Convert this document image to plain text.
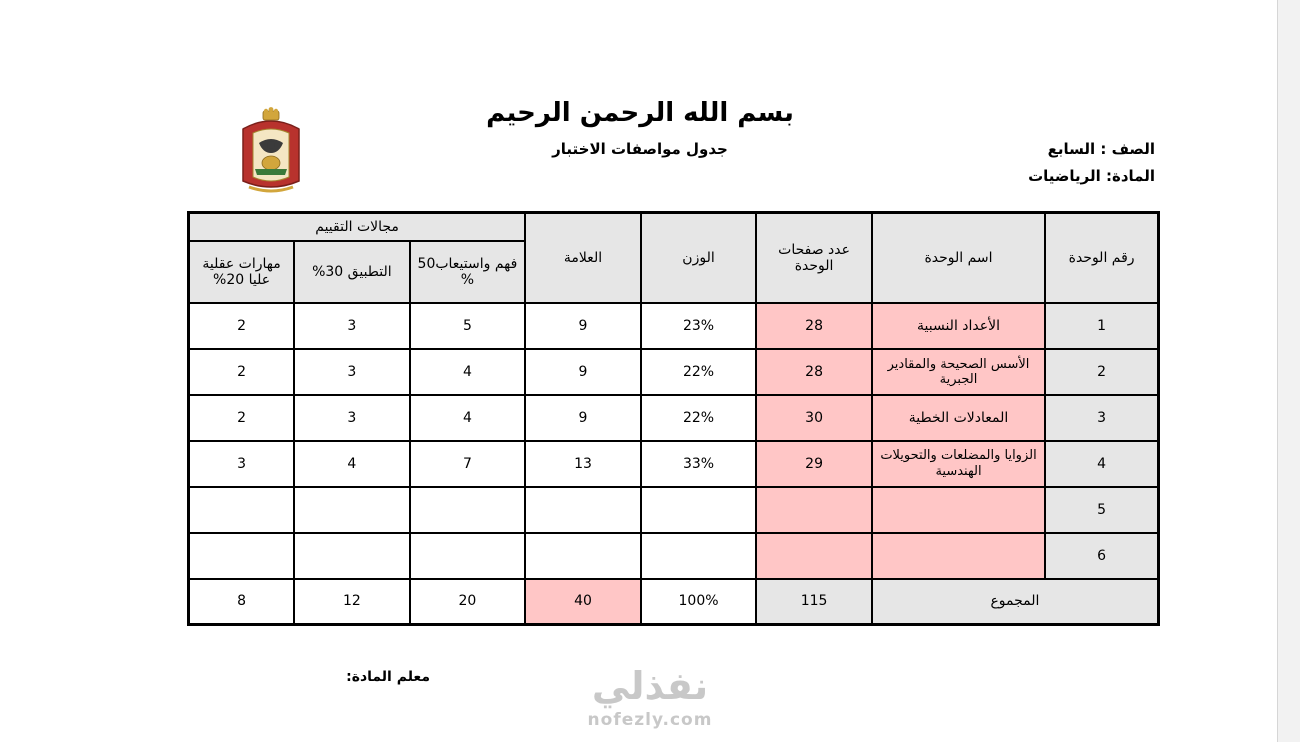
بسم الله الرحمن الرحيم
جدول مواصفات الاختبار	الصف : السابع
المادة: الرياضيات
رقم الوحدة	اسم الوحدة	عدد صفحات الوحدة	الوزن	العلامة	مجالات التقييم		
					فهم واستيعاب50 %	التطبيق 30%	مهارات عقلية عليا 20%
1	الأعداد النسبية	28	23%	9	5	3	2
2	الأسس الصحيحة والمقادير الجبرية	28	22%	9	4	3	2
3	المعادلات الخطية	30	22%	9	4	3	2
4	الزوايا والمضلعات والتحويلات الهندسية	29	33%	13	7	4	3
5							
6							
المجموع		115	100%	40	20	12	8
معلم المادة:	نفذلي
nofezly.com
